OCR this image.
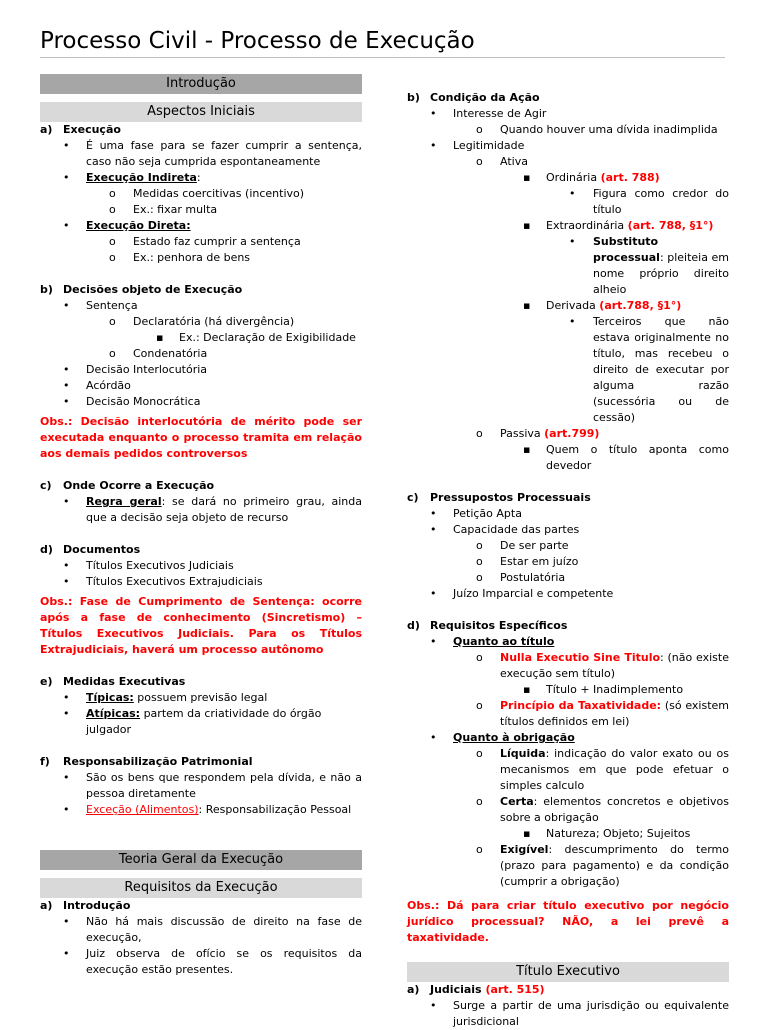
Processo Civil - Processo de Execução
Introdução
Aspectos Iniciais
a) Execução
•
É uma fase para se fazer cumprir a sentença, caso não seja cumprida espontaneamente
•
Execução Indireta:
o Medidas coercitivas (incentivo)
o Ex.: fixar multa
•
Execução Direta:
o Estado faz cumprir a sentença
o Ex.: penhora de bens
b) Decisões objeto de Execução
•
Sentença
o Declaratória (há divergência)
▪ Ex.: Declaração de Exigibilidade
o Condenatória
•
Decisão Interlocutória
•
Acórdão
•
Decisão Monocrática
Obs.: Decisão interlocutória de mérito pode ser executada enquanto o processo tramita em relação aos demais pedidos controversos
c) Onde Ocorre a Execução
•
Regra geral: se dará no primeiro grau, ainda que a decisão seja objeto de recurso
d) Documentos
•
Títulos Executivos Judiciais
•
Títulos Executivos Extrajudiciais
Obs.: Fase de Cumprimento de Sentença: ocorre após a fase de conhecimento (Sincretismo) – Títulos Executivos Judiciais. Para os Títulos Extrajudiciais, haverá um processo autônomo
e) Medidas Executivas
•
Típicas: possuem previsão legal
•
Atípicas: partem da criatividade do órgão julgador
f) Responsabilização Patrimonial
•
São os bens que respondem pela dívida, e não a pessoa diretamente
•
Exceção (Alimentos): Responsabilização Pessoal
Teoria Geral da Execução
Requisitos da Execução
a) Introdução
•
Não há mais discussão de direito na fase de execução,
•
Juiz observa de ofício se os requisitos da execução estão presentes.
b) Condição da Ação
•
Interesse de Agir
o Quando houver uma dívida inadimplida
•
Legitimidade
o Ativa
▪ Ordinária (art. 788)
•
Figura como credor do título
▪ Extraordinária (art. 788, §1°)
•
Substituto processual: pleiteia em nome próprio direito alheio
▪ Derivada (art.788, §1°)
•
Terceiros que não estava originalmente no título, mas recebeu o direito de executar por alguma razão (sucessória ou de cessão)
o Passiva (art.799)
▪ Quem o título aponta como devedor
c) Pressupostos Processuais
•
Petição Apta
•
Capacidade das partes
o De ser parte
o Estar em juízo
o Postulatória
•
Juízo Imparcial e competente
d) Requisitos Específicos
•
Quanto ao título
o Nulla Executio Sine Titulo: (não existe execução sem título)
▪ Título + Inadimplemento
o Princípio da Taxatividade: (só existem títulos definidos em lei)
•
Quanto à obrigação
o Líquida: indicação do valor exato ou os mecanismos em que pode efetuar o simples calculo
o Certa: elementos concretos e objetivos sobre a obrigação
▪ Natureza; Objeto; Sujeitos
o Exigível: descumprimento do termo (prazo para pagamento) e da condição (cumprir a obrigação)
Obs.: Dá para criar título executivo por negócio jurídico processual? NÃO, a lei prevê a taxatividade.
Título Executivo
a) Judiciais (art. 515)
•
Surge a partir de uma jurisdição ou equivalente jurisdicional
